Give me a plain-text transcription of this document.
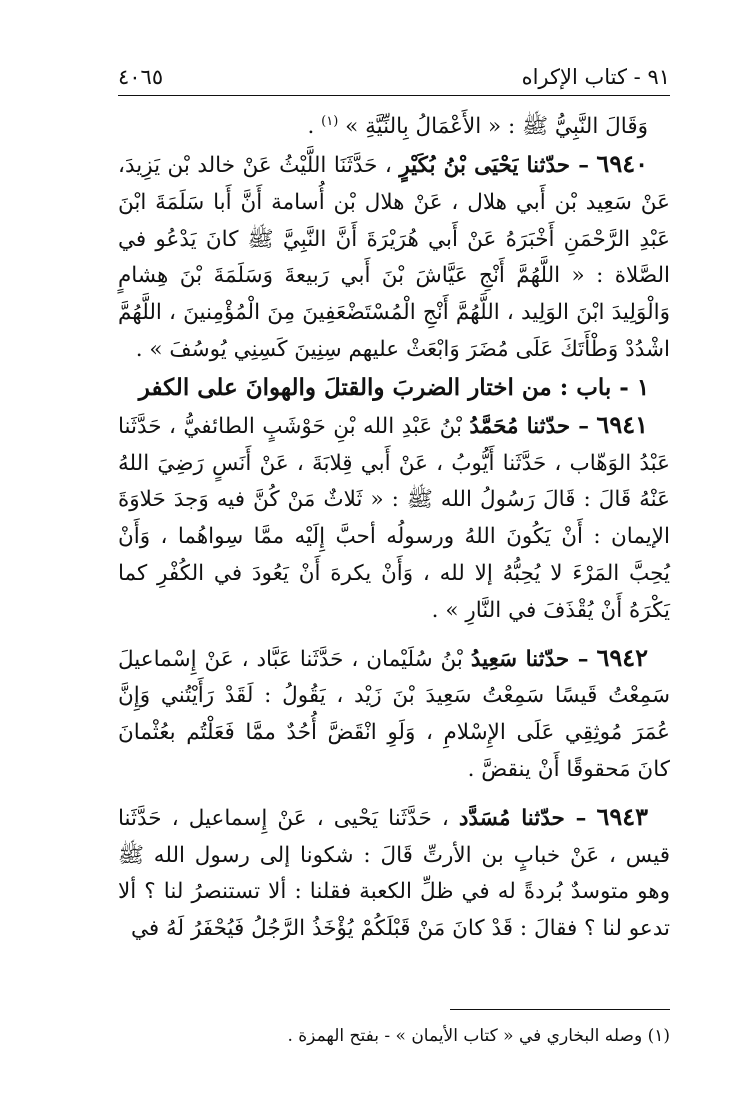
٩١ - كتاب الإكراه
٤٠٦٥

وَقَالَ النَّبِيُّ ﷺ : « الأَعْمَالُ بِالنِّيَّةِ » $^{(١)}$ .

٦٩٤٠ – حدّثنا يَحْيَى بْنُ بُكَيْرٍ ، حَدَّثَنَا اللَّيْثُ عَنْ خالد بْن يَزِيدَ، عَنْ سَعِيد بْن أَبي هلال ، عَنْ هلال بْن أُسامة أَنَّ أَبا سَلَمَةَ ابْنَ عَبْدِ الرَّحْمَنِ أَخْبَرَهُ عَنْ أَبي هُرَيْرَةَ أَنَّ النَّبِيَّ ﷺ كانَ يَدْعُو في الصَّلاة : « اللَّهُمَّ أَنْجِ عَيَّاشَ بْنَ أَبي رَبيعةَ وَسَلَمَةَ بْنَ هِشامٍ وَالْوَلِيدَ ابْنَ الوَلِيد ، اللَّهُمَّ أَنْجِ الْمُسْتَضْعَفِينَ مِنَ الْمُؤْمِنينَ ، اللَّهُمَّ اشْدُدْ وَطْأَتَكَ عَلَى مُضَرَ وَابْعَثْ عليهم سِنِينَ كَسِنِي يُوسُفَ » .

١ - باب : من اختار الضربَ والقتلَ والهوانَ على الكفر

٦٩٤١ – حدّثنا مُحَمَّدُ بْنُ عَبْدِ الله بْنِ حَوْشَبٍ الطائفيُّ ، حَدَّثَنا عَبْدُ الوَهّاب ، حَدَّثَنا أَيُّوبُ ، عَنْ أَبي قِلابَةَ ، عَنْ أَنَسٍ رَضِيَ اللهُ عَنْهُ قَالَ : قَالَ رَسُولُ الله ﷺ : « ثَلاثٌ مَنْ كُنَّ فيه وَجدَ حَلاوَةَ الإيمان : أَنْ يَكُونَ اللهُ ورسولُه أحبَّ إِلَيْه ممَّا سِواهُما ، وَأَنْ يُحِبَّ المَرْءَ لا يُحِبُّهُ إلا لله ، وَأَنْ يكرهَ أَنْ يَعُودَ في الكُفْرِ كما يَكْرَهُ أَنْ يُقْذَفَ في النَّارِ » .

٦٩٤٢ – حدّثنا سَعِيدُ بْنُ سُلَيْمان ، حَدَّثَنا عَبَّاد ، عَنْ إِسْماعيلَ سَمِعْتُ قَيسًا سَمِعْتُ سَعِيدَ بْنَ زَيْد ، يَقُولُ : لَقَدْ رَأَيْتُني وَإِنَّ عُمَرَ مُوثِقِي عَلَى الإِسْلامِ ، وَلَوِ انْقَضَّ أُحُدٌ ممَّا فَعَلْتُم بعُثْمانَ كانَ مَحقوقًا أَنْ ينقضَّ .

٦٩٤٣ – حدّثنا مُسَدَّد ، حَدَّثَنا يَحْيى ، عَنْ إِسماعيل ، حَدَّثَنا قيس ، عَنْ خبابٍ بن الأرتِّ قَالَ : شكونا إلى رسول الله ﷺ وهو متوسدٌ بُردةً له في ظلِّ الكعبة فقلنا : ألا تستنصرُ لنا ؟ ألا تدعو لنا ؟ فقالَ : قَدْ كانَ مَنْ قَبْلَكُمْ يُؤْخَذُ الرَّجُلُ فَيُحْفَرُ لَهُ في

(١) وصله البخاري في « كتاب الأيمان » - بفتح الهمزة .
